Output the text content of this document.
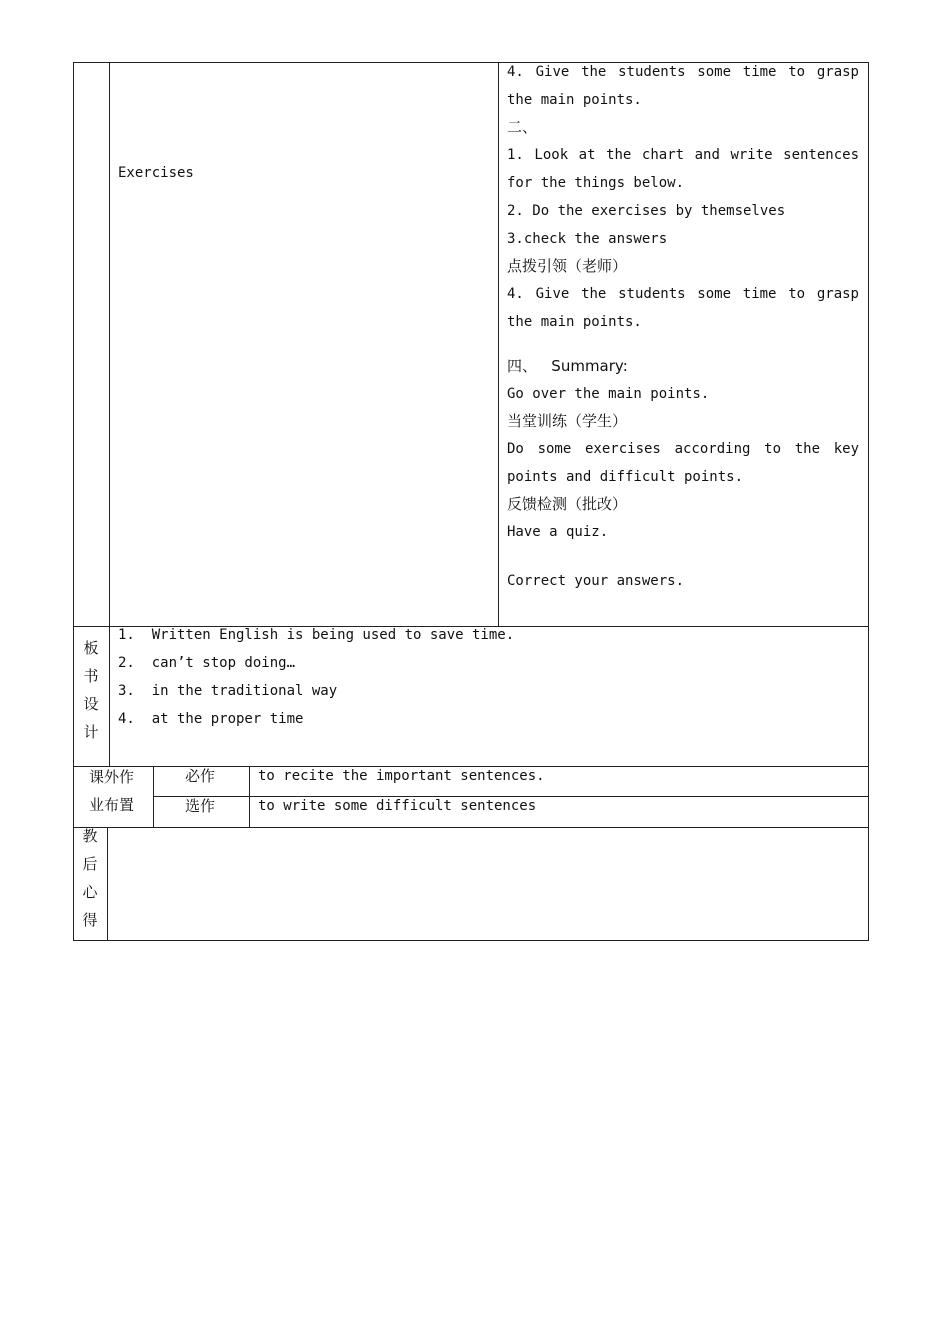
Exercises
4. Give the students some time to grasp
the main points.
二、
1. Look at the chart and write sentences
for the things below.
2. Do the exercises by themselves
3.check the answers
点拨引领（老师）
4. Give the students some time to grasp
the main points.
四、   Summary:
Go over the main points.
当堂训练（学生）
Do some exercises according to the key
points and difficult points.
反馈检测（批改）
Have a quiz.
Correct your answers.
板
书
设
计
1.  Written English is being used to save time.
2.  can’t stop doing…
3.  in the traditional way
4.  at the proper time
课外作
业布置
必作	to recite the important sentences.
选作	to write some difficult sentences
教
后
心
得
